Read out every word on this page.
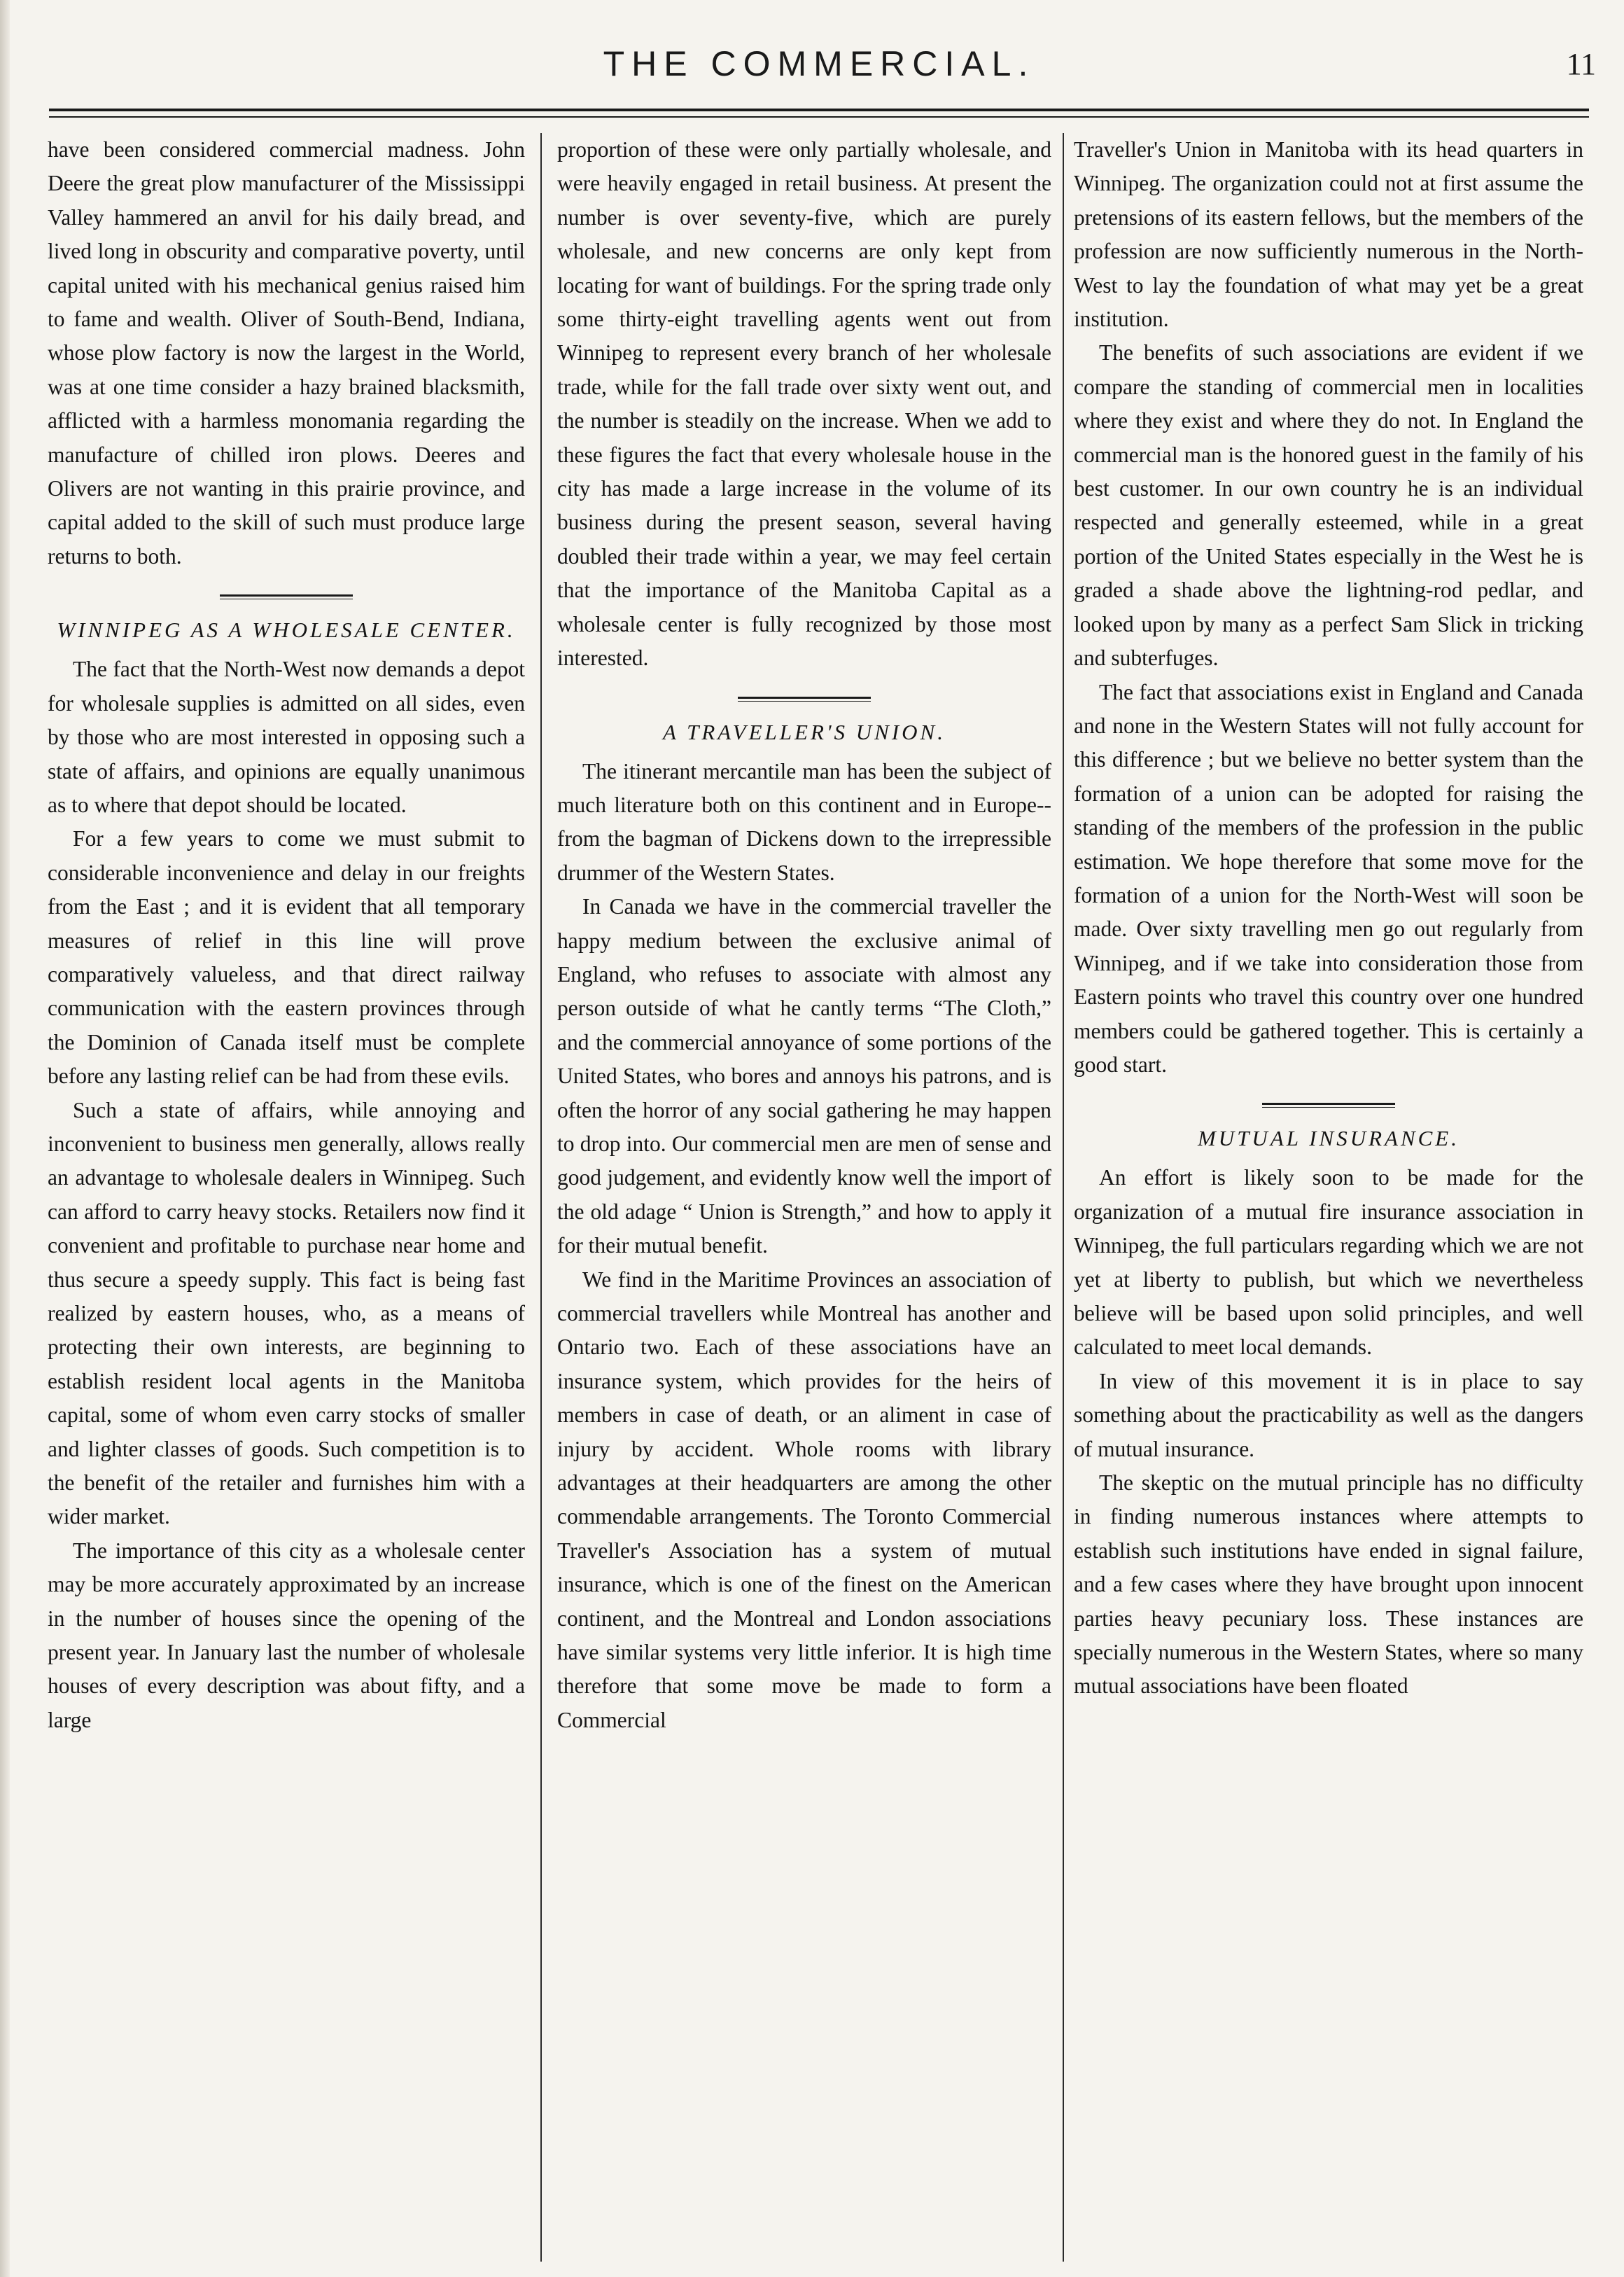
THE COMMERCIAL.	11

have been considered commercial madness. John Deere the great plow manufacturer of the Mississippi Valley hammered an anvil for his daily bread, and lived long in obscurity and comparative poverty, until capital united with his mechanical genius raised him to fame and wealth. Oliver of South-Bend, Indiana, whose plow factory is now the largest in the World, was at one time consider a hazy brained blacksmith, afflicted with a harmless monomania regarding the manufacture of chilled iron plows. Deeres and Olivers are not wanting in this prairie province, and capital added to the skill of such must produce large returns to both.

WINNIPEG AS A WHOLESALE CENTER.

The fact that the North-West now demands a depot for wholesale supplies is admitted on all sides, even by those who are most interested in opposing such a state of affairs, and opinions are equally unanimous as to where that depot should be located.

For a few years to come we must submit to considerable inconvenience and delay in our freights from the East ; and it is evident that all temporary measures of relief in this line will prove comparatively valueless, and that direct railway communication with the eastern provinces through the Dominion of Canada itself must be complete before any lasting relief can be had from these evils.

Such a state of affairs, while annoying and inconvenient to business men generally, allows really an advantage to wholesale dealers in Winnipeg. Such can afford to carry heavy stocks. Retailers now find it convenient and profitable to purchase near home and thus secure a speedy supply. This fact is being fast realized by eastern houses, who, as a means of protecting their own interests, are beginning to establish resident local agents in the Manitoba capital, some of whom even carry stocks of smaller and lighter classes of goods. Such competition is to the benefit of the retailer and furnishes him with a wider market.

The importance of this city as a wholesale center may be more accurately approximated by an increase in the number of houses since the opening of the present year. In January last the number of wholesale houses of every description was about fifty, and a large

proportion of these were only partially wholesale, and were heavily engaged in retail business. At present the number is over seventy-five, which are purely wholesale, and new concerns are only kept from locating for want of buildings. For the spring trade only some thirty-eight travelling agents went out from Winnipeg to represent every branch of her wholesale trade, while for the fall trade over sixty went out, and the number is steadily on the increase. When we add to these figures the fact that every wholesale house in the city has made a large increase in the volume of its business during the present season, several having doubled their trade within a year, we may feel certain that the importance of the Manitoba Capital as a wholesale center is fully recognized by those most interested.

A TRAVELLER'S UNION.

The itinerant mercantile man has been the subject of much literature both on this continent and in Europe--from the bagman of Dickens down to the irrepressible drummer of the Western States.

In Canada we have in the commercial traveller the happy medium between the exclusive animal of England, who refuses to associate with almost any person outside of what he cantly terms “The Cloth,” and the commercial annoyance of some portions of the United States, who bores and annoys his patrons, and is often the horror of any social gathering he may happen to drop into. Our commercial men are men of sense and good judgement, and evidently know well the import of the old adage “ Union is Strength,” and how to apply it for their mutual benefit.

We find in the Maritime Provinces an association of commercial travellers while Montreal has another and Ontario two. Each of these associations have an insurance system, which provides for the heirs of members in case of death, or an aliment in case of injury by accident. Whole rooms with library advantages at their headquarters are among the other commendable arrangements. The Toronto Commercial Traveller's Association has a system of mutual insurance, which is one of the finest on the American continent, and the Montreal and London associations have similar systems very little inferior. It is high time therefore that some move be made to form a Commercial

Traveller's Union in Manitoba with its head quarters in Winnipeg. The organization could not at first assume the pretensions of its eastern fellows, but the members of the profession are now sufficiently numerous in the North-West to lay the foundation of what may yet be a great institution.

The benefits of such associations are evident if we compare the standing of commercial men in localities where they exist and where they do not. In England the commercial man is the honored guest in the family of his best customer. In our own country he is an individual respected and generally esteemed, while in a great portion of the United States especially in the West he is graded a shade above the lightning-rod pedlar, and looked upon by many as a perfect Sam Slick in tricking and subterfuges.

The fact that associations exist in England and Canada and none in the Western States will not fully account for this difference ; but we believe no better system than the formation of a union can be adopted for raising the standing of the members of the profession in the public estimation. We hope therefore that some move for the formation of a union for the North-West will soon be made. Over sixty travelling men go out regularly from Winnipeg, and if we take into consideration those from Eastern points who travel this country over one hundred members could be gathered together. This is certainly a good start.

MUTUAL INSURANCE.

An effort is likely soon to be made for the organization of a mutual fire insurance association in Winnipeg, the full particulars regarding which we are not yet at liberty to publish, but which we nevertheless believe will be based upon solid principles, and well calculated to meet local demands.

In view of this movement it is in place to say something about the practicability as well as the dangers of mutual insurance.

The skeptic on the mutual principle has no difficulty in finding numerous instances where attempts to establish such institutions have ended in signal failure, and a few cases where they have brought upon innocent parties heavy pecuniary loss. These instances are specially numerous in the Western States, where so many mutual associations have been floated
